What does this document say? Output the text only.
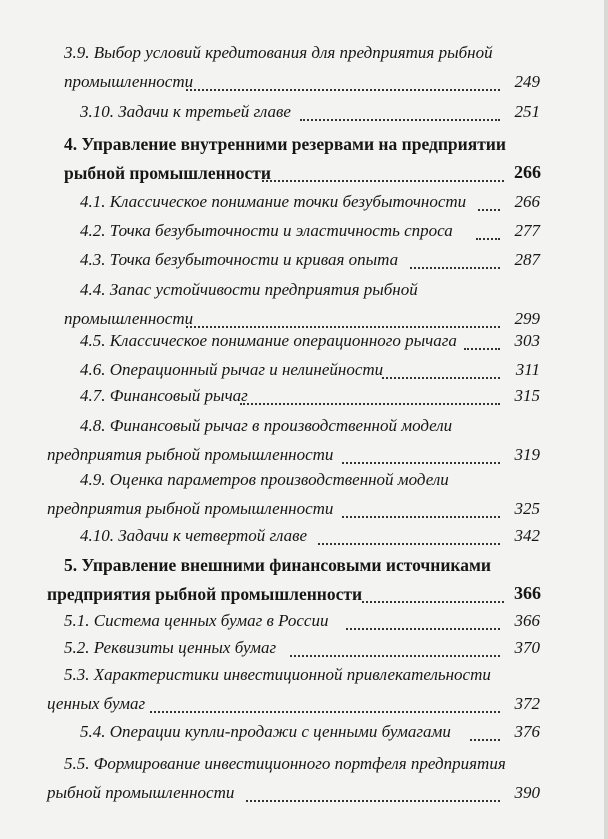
3.9. Выбор условий кредитования для предприятия рыбной
промышленности	249
3.10. Задачи к третьей главе	251
4. Управление внутренними резервами на предприятии
рыбной промышленности	266
4.1. Классическое понимание точки безубыточности	266
4.2. Точка безубыточности и эластичность спроса	277
4.3. Точка безубыточности и кривая опыта	287
4.4. Запас устойчивости предприятия рыбной
промышленности	299
4.5. Классическое понимание операционного рычага	303
4.6. Операционный рычаг и нелинейности	311
4.7. Финансовый рычаг	315
4.8. Финансовый рычаг в производственной модели
предприятия рыбной промышленности	319
4.9. Оценка параметров производственной модели
предприятия рыбной промышленности	325
4.10. Задачи к четвертой главе	342
5. Управление внешними финансовыми источниками
предприятия рыбной промышленности	366
5.1. Система ценных бумаг в России	366
5.2. Реквизиты ценных бумаг	370
5.3. Характеристики инвестиционной привлекательности
ценных бумаг	372
5.4. Операции купли-продажи с ценными бумагами	376
5.5. Формирование инвестиционного портфеля предприятия
рыбной промышленности	390
